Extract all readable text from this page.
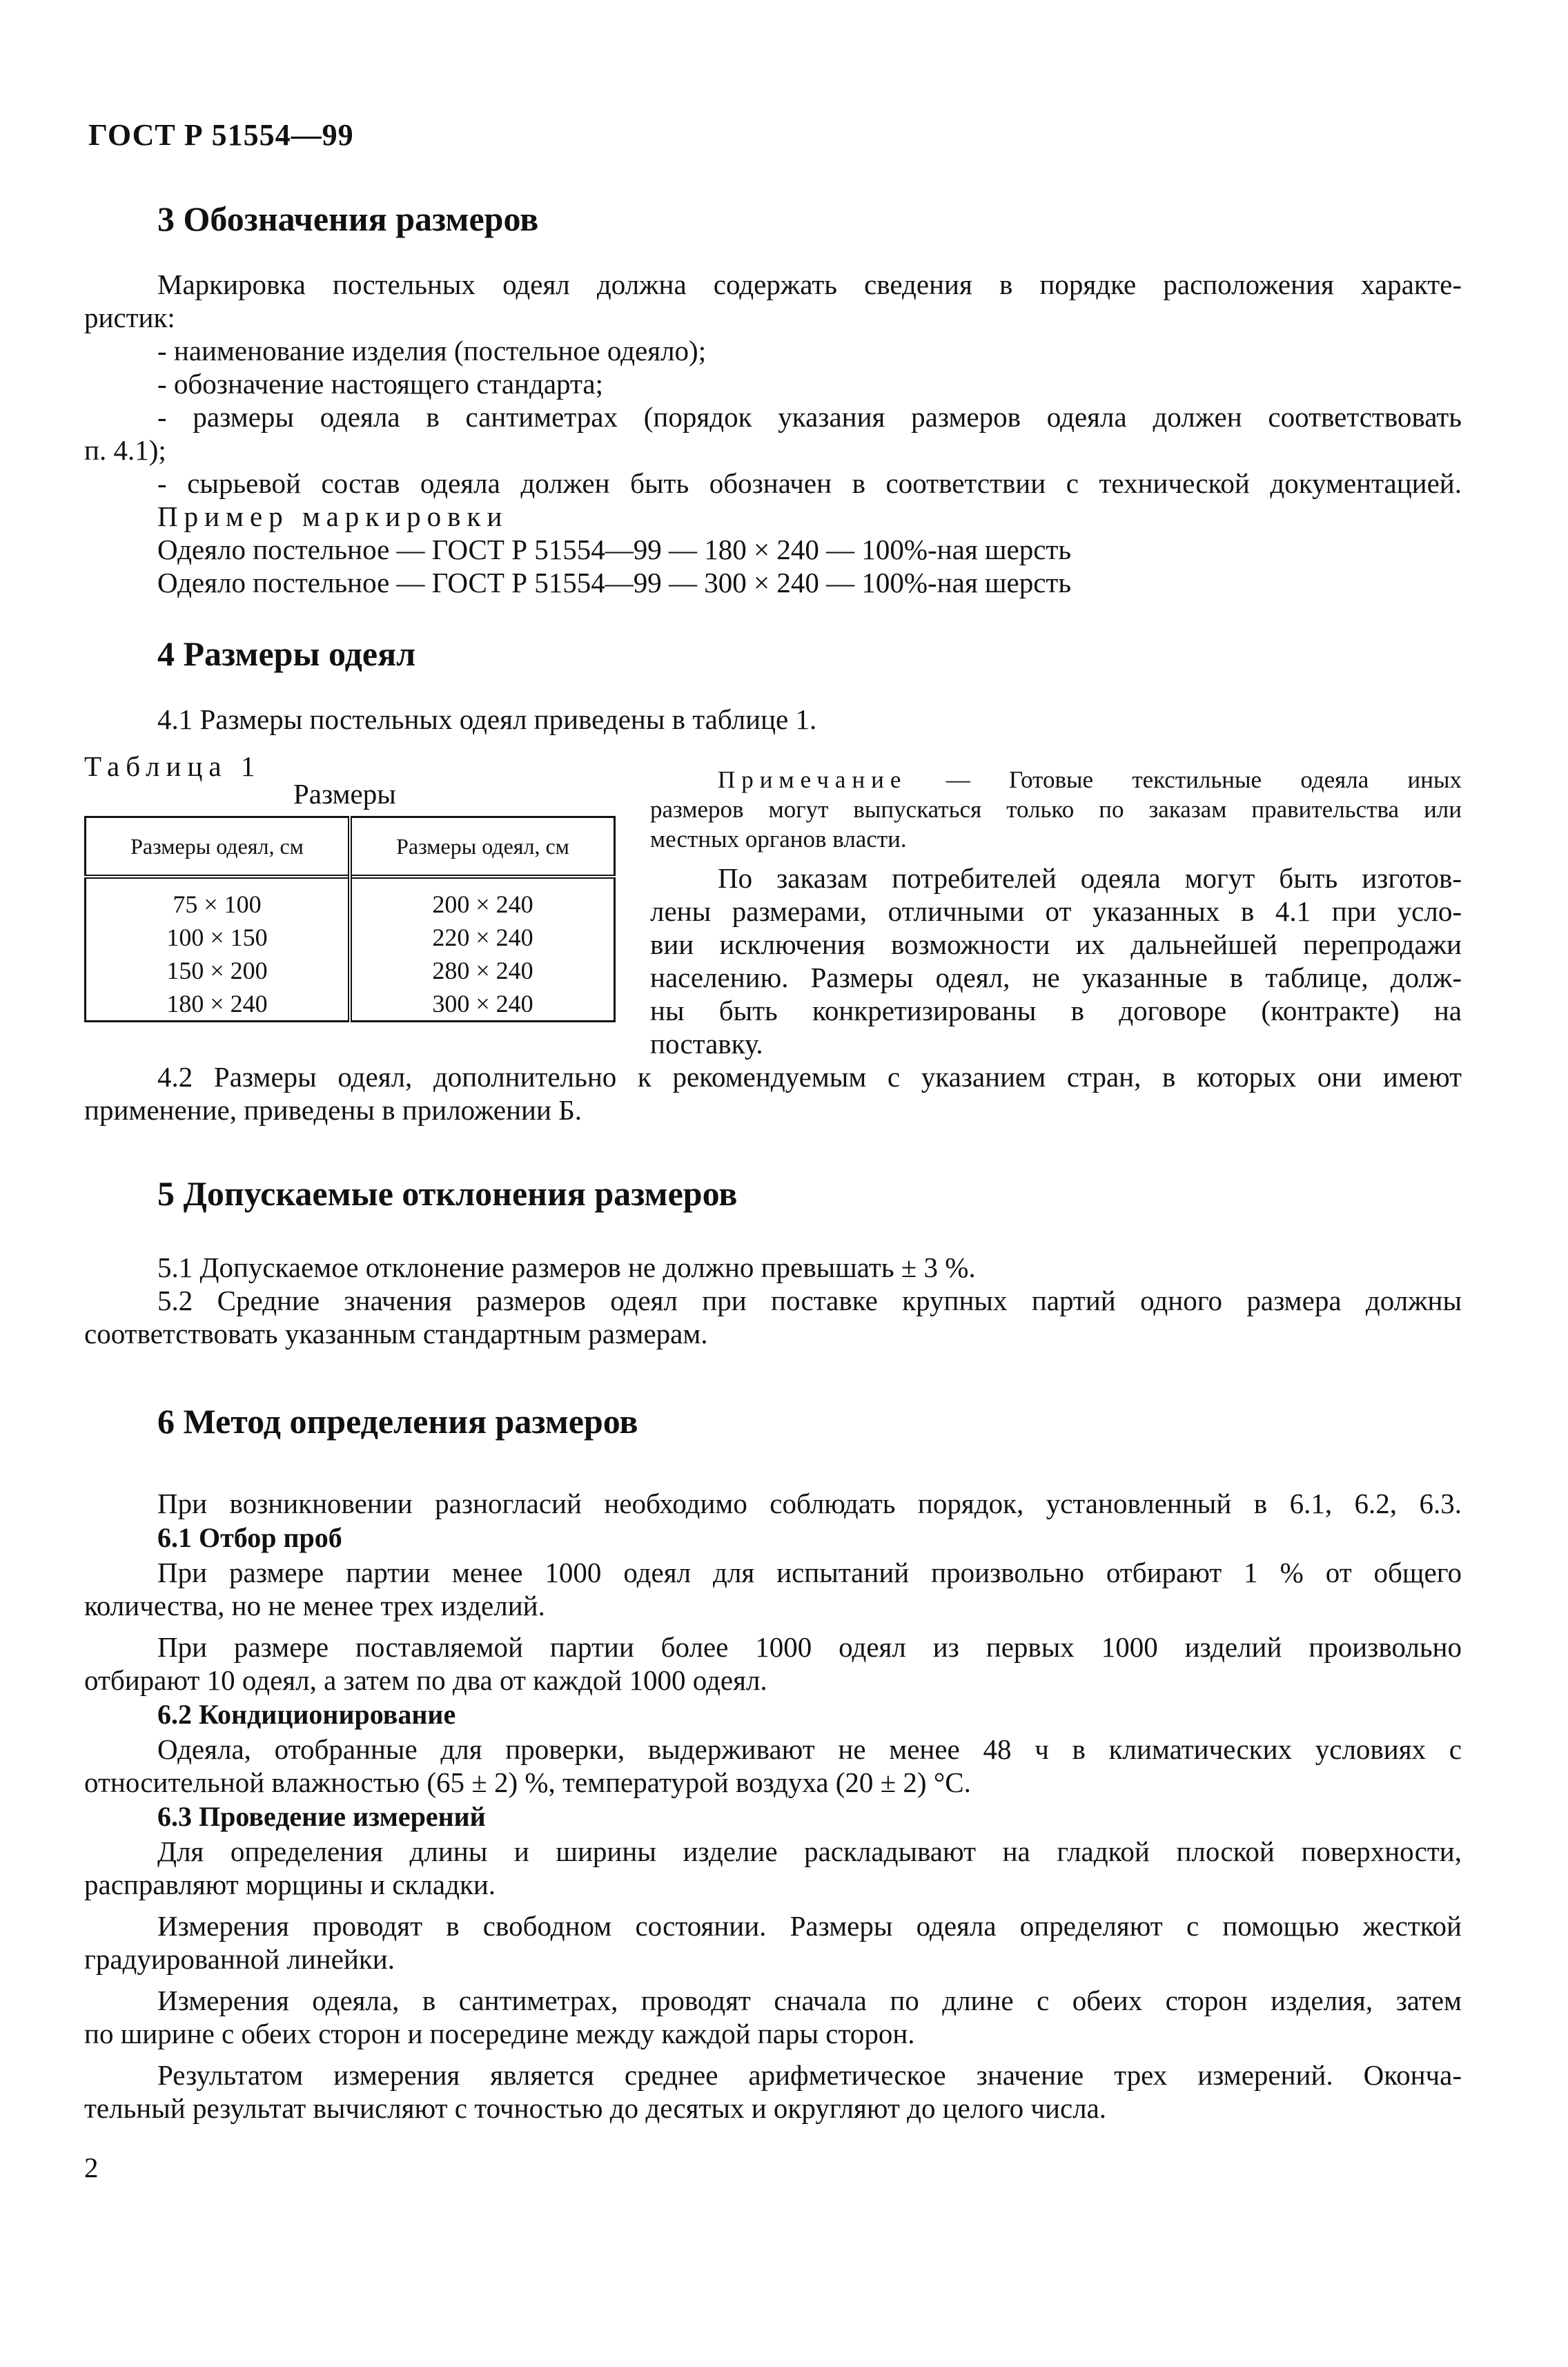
ГОСТ Р 51554—99
3 Обозначения размеров
Маркировка постельных одеял должна содержать сведения в порядке расположения характе-
ристик:
- наименование изделия (постельное одеяло);
- обозначение настоящего стандарта;
- размеры одеяла в сантиметрах (порядок указания размеров одеяла должен соответствовать
п. 4.1);
- сырьевой состав одеяла должен быть обозначен в соответствии с технической документацией.
Пример маркировки
Одеяло постельное — ГОСТ Р 51554—99 — 180 × 240 — 100%-ная шерсть
Одеяло постельное — ГОСТ Р 51554—99 — 300 × 240 — 100%-ная шерсть
4 Размеры одеял
4.1 Размеры постельных одеял приведены в таблице 1.
Таблица 1
Размеры
Размеры одеял, см	Размеры одеял, см
75 × 100	200 × 240
100 × 150	220 × 240
150 × 200	280 × 240
180 × 240	300 × 240
Примечание — Готовые текстильные одеяла иных
размеров могут выпускаться только по заказам правительства или
местных органов власти.
По заказам потребителей одеяла могут быть изготов-
лены размерами, отличными от указанных в 4.1 при усло-
вии исключения возможности их дальнейшей перепродажи
населению. Размеры одеял, не указанные в таблице, долж-
ны быть конкретизированы в договоре (контракте) на
поставку.
4.2 Размеры одеял, дополнительно к рекомендуемым с указанием стран, в которых они имеют
применение, приведены в приложении Б.
5 Допускаемые отклонения размеров
5.1 Допускаемое отклонение размеров не должно превышать ± 3 %.
5.2 Средние значения размеров одеял при поставке крупных партий одного размера должны
соответствовать указанным стандартным размерам.
6 Метод определения размеров
При возникновении разногласий необходимо соблюдать порядок, установленный в 6.1, 6.2, 6.3.
6.1 Отбор проб
При размере партии менее 1000 одеял для испытаний произвольно отбирают 1 % от общего
количества, но не менее трех изделий.
При размере поставляемой партии более 1000 одеял из первых 1000 изделий произвольно
отбирают 10 одеял, а затем по два от каждой 1000 одеял.
6.2 Кондиционирование
Одеяла, отобранные для проверки, выдерживают не менее 48 ч в климатических условиях с
относительной влажностью (65 ± 2) %, температурой воздуха (20 ± 2) °С.
6.3 Проведение измерений
Для определения длины и ширины изделие раскладывают на гладкой плоской поверхности,
расправляют морщины и складки.
Измерения проводят в свободном состоянии. Размеры одеяла определяют с помощью жесткой
градуированной линейки.
Измерения одеяла, в сантиметрах, проводят сначала по длине с обеих сторон изделия, затем
по ширине с обеих сторон и посередине между каждой пары сторон.
Результатом измерения является среднее арифметическое значение трех измерений. Оконча-
тельный результат вычисляют с точностью до десятых и округляют до целого числа.
2
